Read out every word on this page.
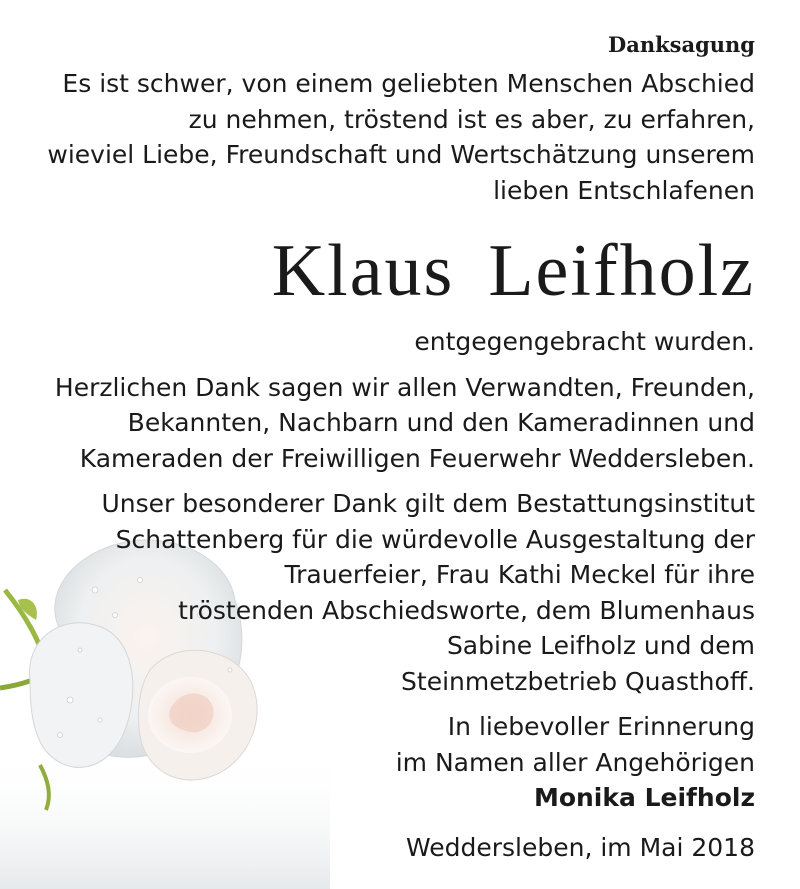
Danksagung
Es ist schwer, von einem geliebten Menschen Abschied
zu nehmen, tröstend ist es aber, zu erfahren,
wieviel Liebe, Freundschaft und Wertschätzung unserem
lieben Entschlafenen
Klaus Leifholz
entgegengebracht wurden.
Herzlichen Dank sagen wir allen Verwandten, Freunden,
Bekannten, Nachbarn und den Kameradinnen und
Kameraden der Freiwilligen Feuerwehr Weddersleben.
Unser besonderer Dank gilt dem Bestattungsinstitut
Schattenberg für die würdevolle Ausgestaltung der
Trauerfeier, Frau Kathi Meckel für ihre
tröstenden Abschiedsworte, dem Blumenhaus
Sabine Leifholz und dem
Steinmetzbetrieb Quasthoff.
In liebevoller Erinnerung
im Namen aller Angehörigen
Monika Leifholz
Weddersleben, im Mai 2018
